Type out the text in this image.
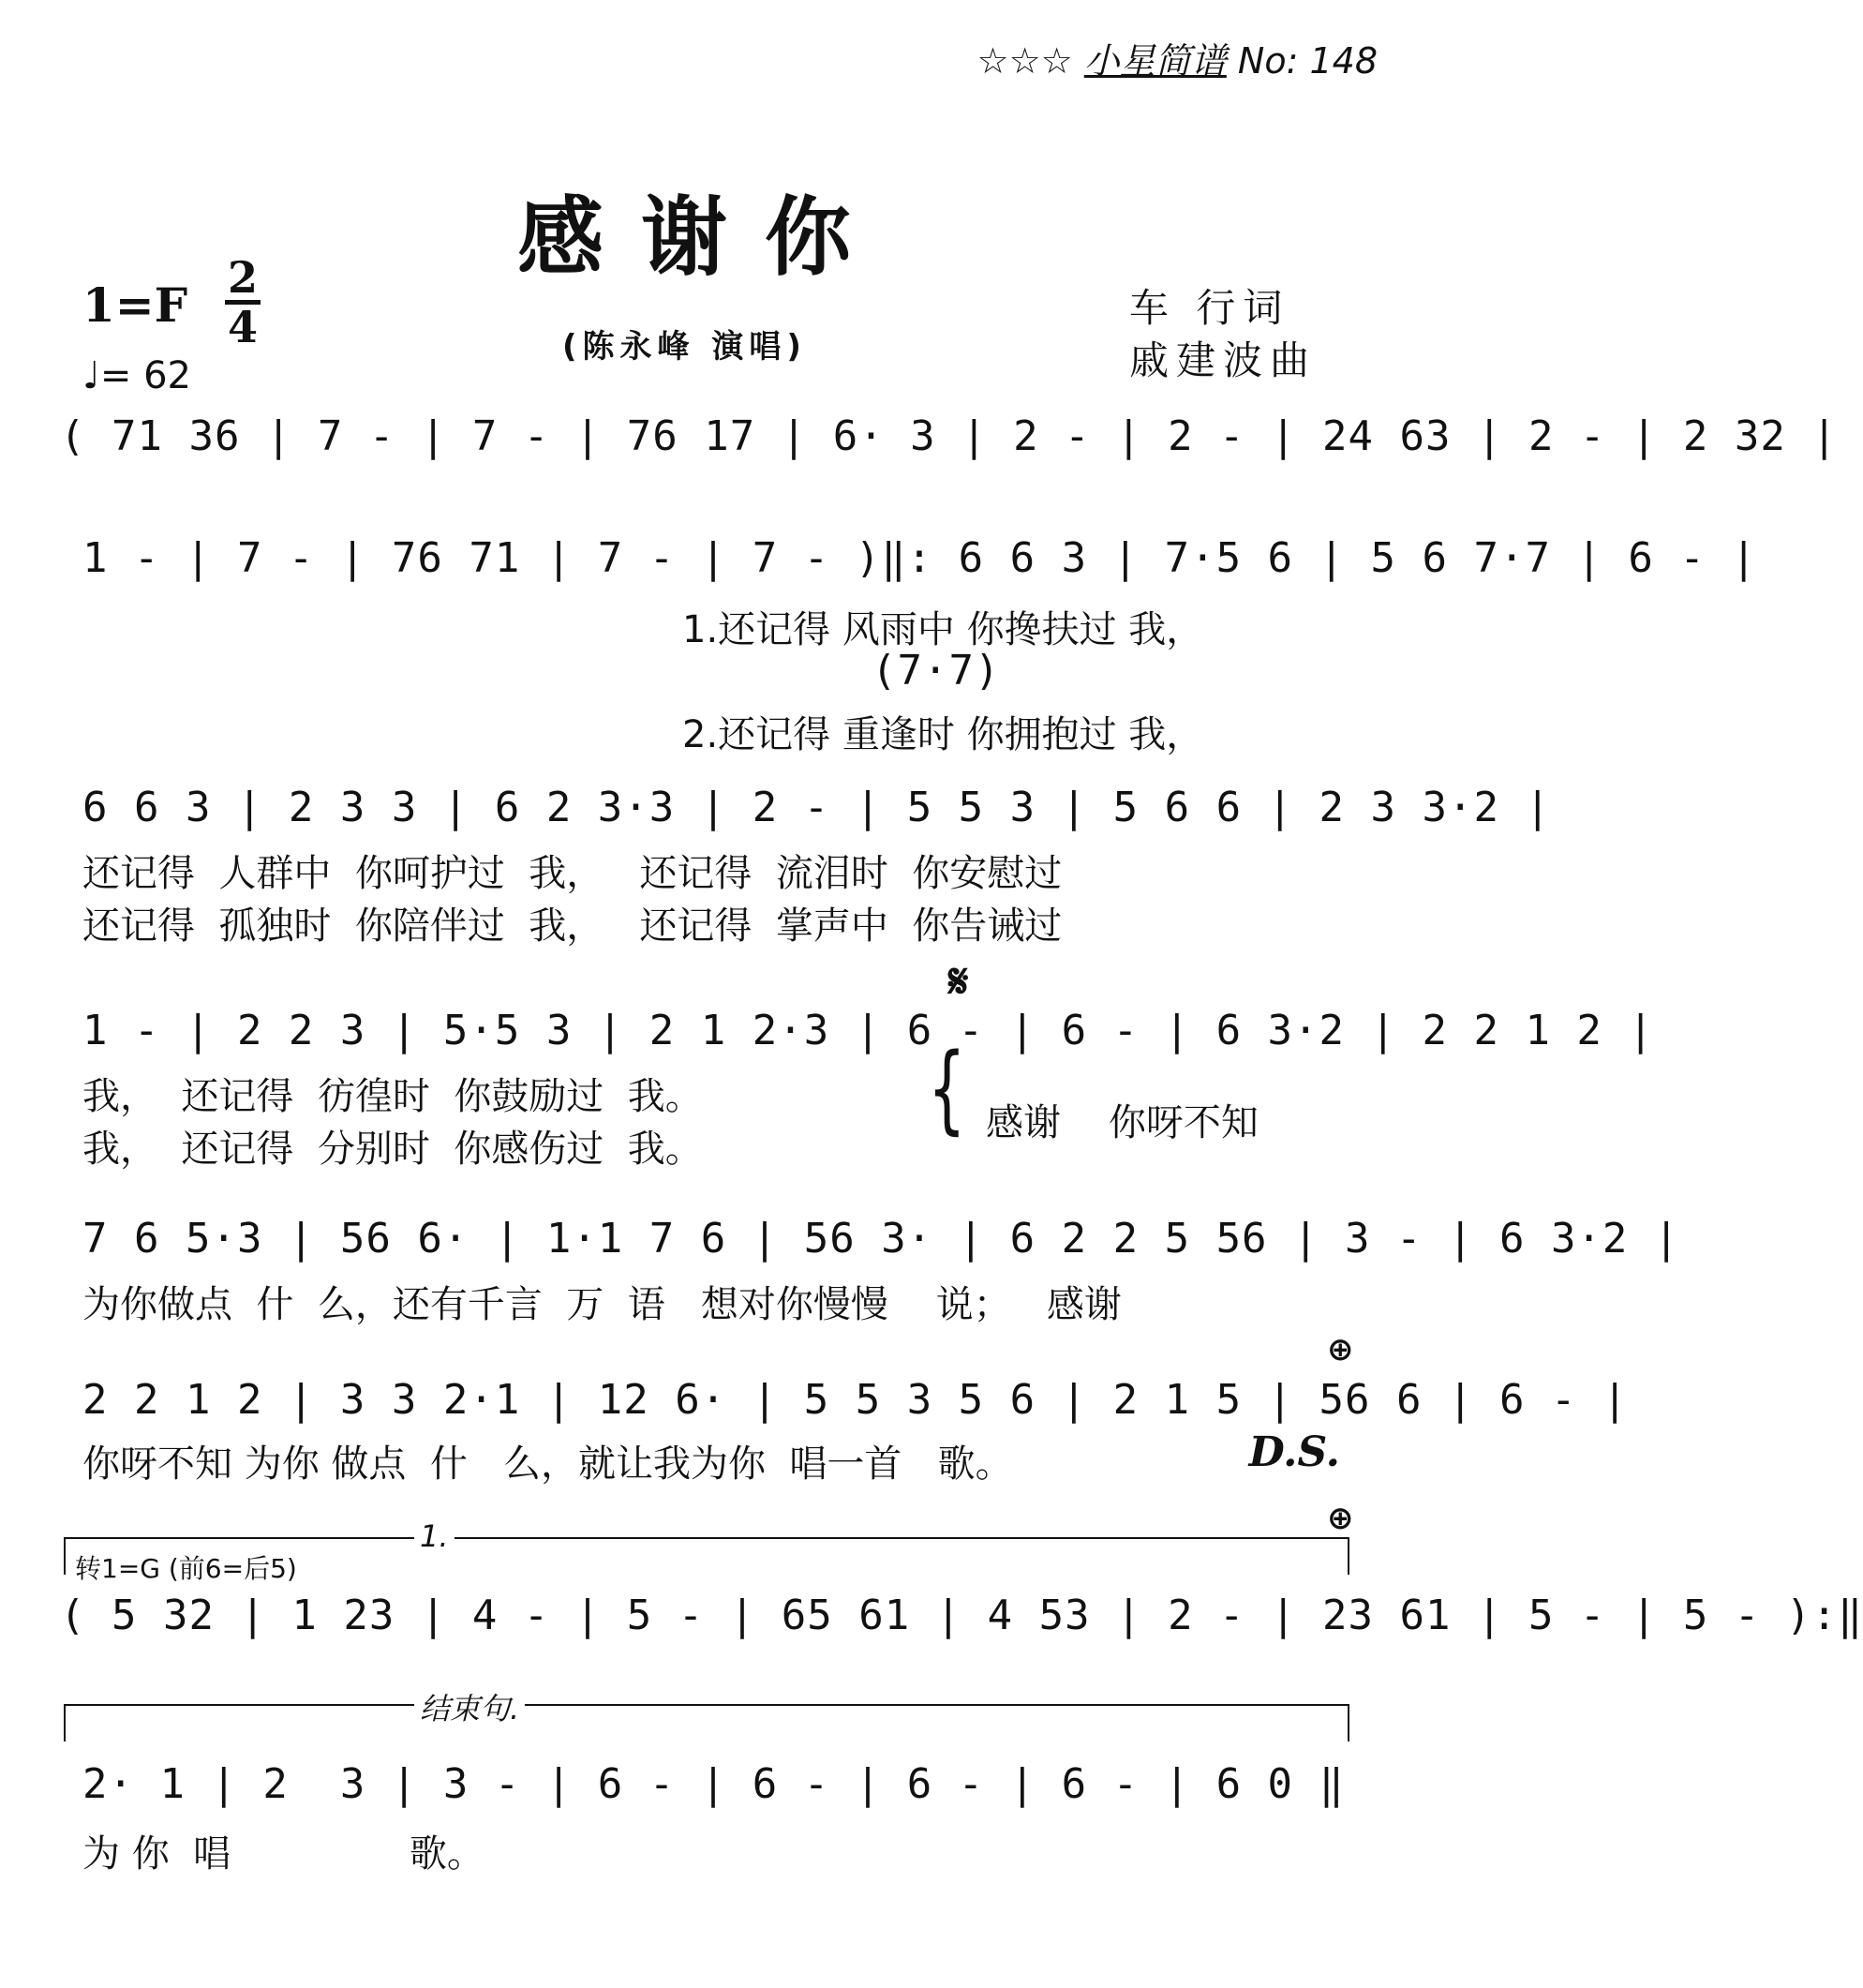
☆☆☆ 小星简谱 No: 148
感谢你
1=F 2
4
♩= 62
(陈永峰 演唱)
车 行词
戚建波曲
( 71 36 | 7 - | 7 - | 76 17 | 6· 3 | 2 - | 2 - | 24 63 | 2 - | 2 32 |
1 - | 7 - | 76 71 | 7 - | 7 - )‖: 6 6 3 | 7·5 6 | 5 6 7·7 | 6 - |
1.还记得 风雨中 你搀扶过 我，
(7·7)
2.还记得 重逢时 你拥抱过 我，
6 6 3 | 2 3 3 | 6 2 3·3 | 2 - | 5 5 3 | 5 6 6 | 2 3 3·2 |
还记得  人群中  你呵护过  我，   还记得  流泪时  你安慰过
还记得  孤独时  你陪伴过  我，   还记得  掌声中  你告诫过
𝄋
1 - | 2 2 3 | 5·5 3 | 2 1 2·3 | 6 - | 6 - | 6 3·2 | 2 2 1 2 |
我，  还记得  彷徨时  你鼓励过  我。
我，  还记得  分别时  你感伤过  我。
{ 感谢    你呀不知
7 6 5·3 | 56 6· | 1·1 7 6 | 56 3· | 6 2 2 5 56 | 3 - | 6 3·2 |
为你做点  什  么，还有千言  万  语   想对你慢慢    说；   感谢
⊕
2 2 1 2 | 3 3 2·1 | 12 6· | 5 5 3 5 6 | 2 1 5 | 56 6 | 6 - |
你呀不知 为你 做点  什   么，就让我为你  唱一首   歌。	D.S.
1.	⊕
转1=G (前6=后5)
( 5 32 | 1 23 | 4 - | 5 - | 65 61 | 4 53 | 2 - | 23 61 | 5 - | 5 - ):‖
结束句.
2· 1 | 2  3 | 3 - | 6 - | 6 - | 6 - | 6 - | 6 0 ‖
为 你  唱               歌。
